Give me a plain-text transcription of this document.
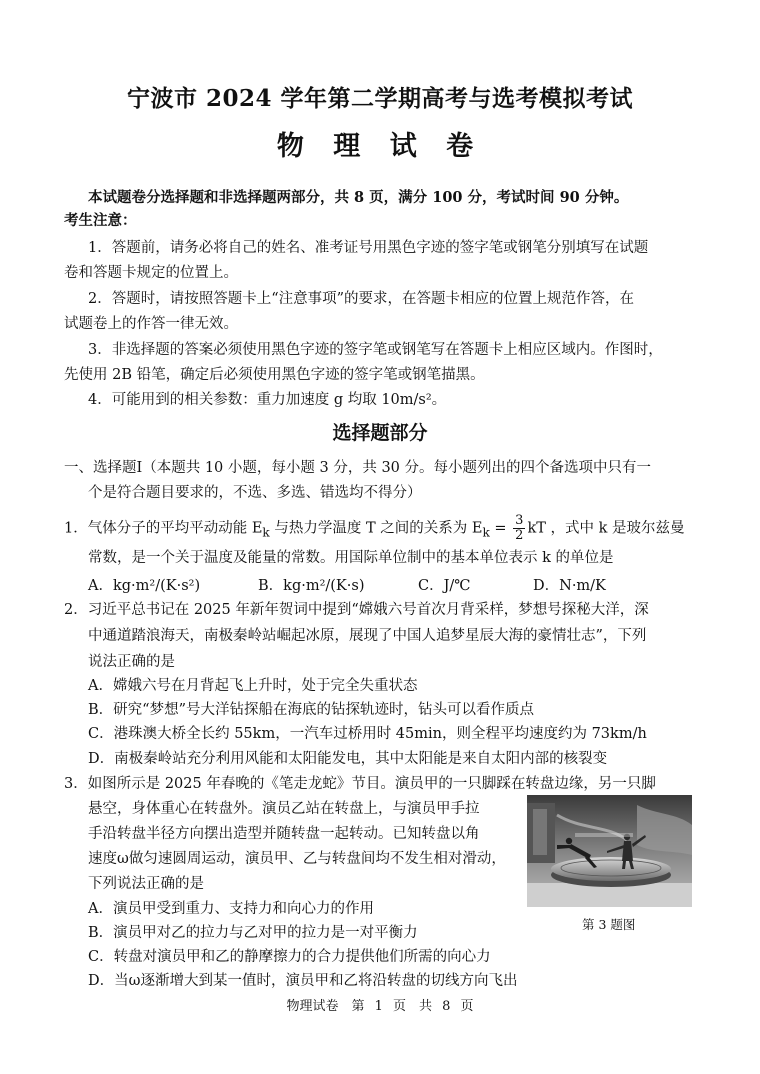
宁波市 2024 学年第二学期高考与选考模拟考试
物 理 试 卷
本试题卷分选择题和非选择题两部分，共 8 页，满分 100 分，考试时间 90 分钟。
考生注意：
1．答题前，请务必将自己的姓名、准考证号用黑色字迹的签字笔或钢笔分别填写在试题
卷和答题卡规定的位置上。
2．答题时，请按照答题卡上“注意事项”的要求，在答题卡相应的位置上规范作答，在
试题卷上的作答一律无效。
3．非选择题的答案必须使用黑色字迹的签字笔或钢笔写在答题卡上相应区域内。作图时，
先使用 2B 铅笔，确定后必须使用黑色字迹的签字笔或钢笔描黑。
4．可能用到的相关参数：重力加速度 g 均取 10m/s²。
选择题部分
一、选择题Ⅰ（本题共 10 小题，每小题 3 分，共 30 分。每小题列出的四个备选项中只有一
个是符合题目要求的，不选、多选、错选均不得分）
1．气体分子的平均平动动能 $E_k$ 与热力学温度 T 之间的关系为 $E_k = \frac{3}{2}$ kT ，式中 k 是玻尔兹曼
常数，是一个关于温度及能量的常数。用国际单位制中的基本单位表示 k 的单位是
A．kg·m²/(K·s²)	B．kg·m²/(K·s)	C．J/℃	D．N·m/K
2．习近平总书记在 2025 年新年贺词中提到“嫦娥六号首次月背采样，梦想号探秘大洋，深
中通道踏浪海天，南极秦岭站崛起冰原，展现了中国人追梦星辰大海的豪情壮志”，下列
说法正确的是
A．嫦娥六号在月背起飞上升时，处于完全失重状态
B．研究“梦想”号大洋钻探船在海底的钻探轨迹时，钻头可以看作质点
C．港珠澳大桥全长约 55km，一汽车过桥用时 45min，则全程平均速度约为 73km/h
D．南极秦岭站充分利用风能和太阳能发电，其中太阳能是来自太阳内部的核裂变
3．如图所示是 2025 年春晚的《笔走龙蛇》节目。演员甲的一只脚踩在转盘边缘，另一只脚
悬空，身体重心在转盘外。演员乙站在转盘上，与演员甲手拉
手沿转盘半径方向摆出造型并随转盘一起转动。已知转盘以角
速度ω做匀速圆周运动，演员甲、乙与转盘间均不发生相对滑动，
下列说法正确的是
A．演员甲受到重力、支持力和向心力的作用
B．演员甲对乙的拉力与乙对甲的拉力是一对平衡力
C．转盘对演员甲和乙的静摩擦力的合力提供他们所需的向心力
D．当ω逐渐增大到某一值时，演员甲和乙将沿转盘的切线方向飞出
第 3 题图
物理试卷　第 1 页　共 8 页
